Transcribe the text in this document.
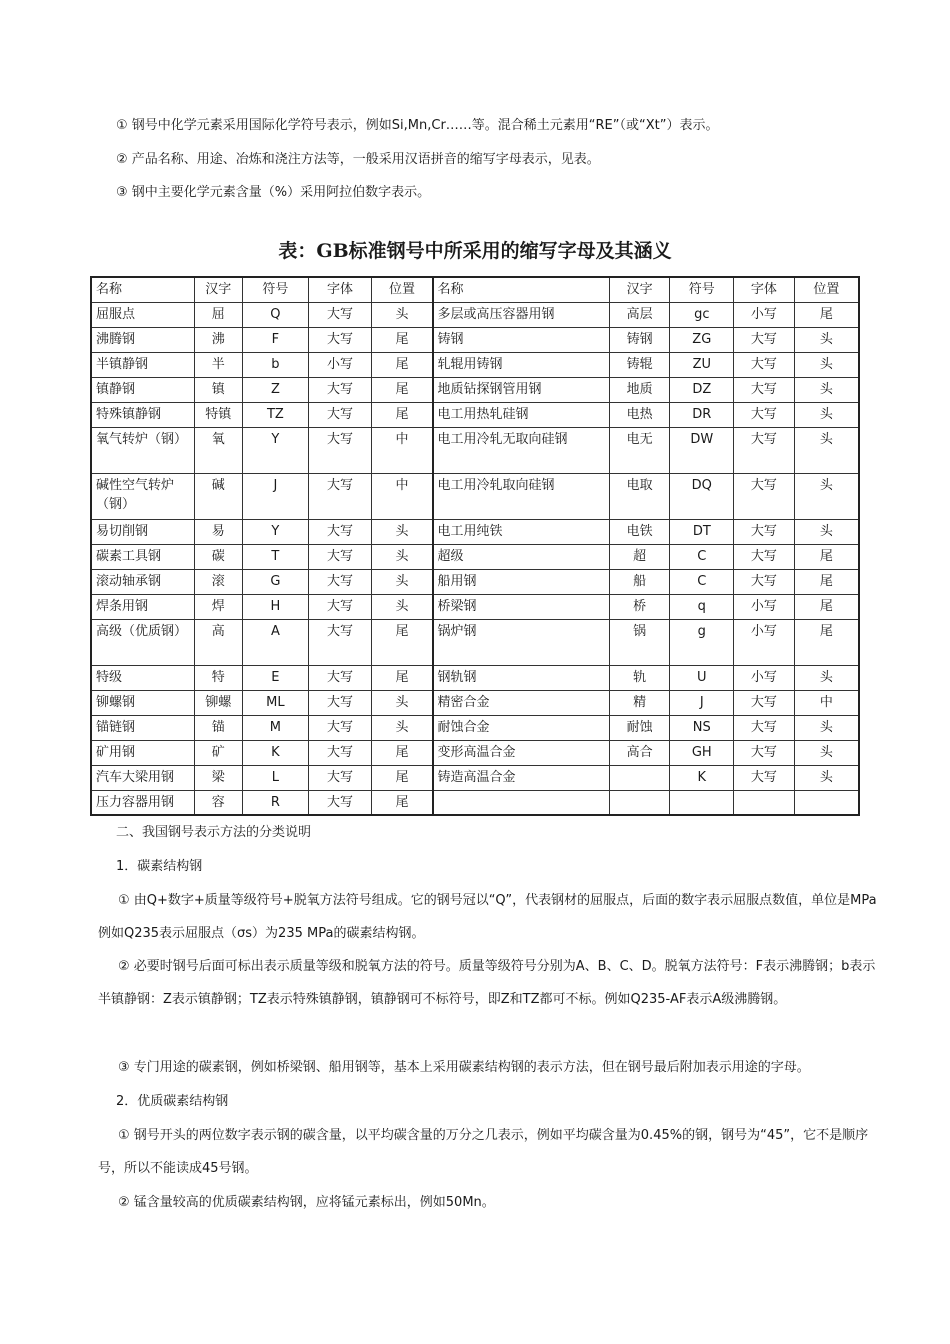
① 钢号中化学元素采用国际化学符号表示，例如Si,Mn,Cr……等。混合稀土元素用“RE”（或“Xt”）表示。

② 产品名称、用途、冶炼和浇注方法等，一般采用汉语拼音的缩写字母表示，见表。

③ 钢中主要化学元素含量（%）采用阿拉伯数字表示。

表：GB标准钢号中所采用的缩写字母及其涵义
名称	汉字	符号	字体	位置	名称	汉字	符号	字体	位置
屈服点	屈	Q	大写	头	多层或高压容器用钢	高层	gc	小写	尾
沸腾钢	沸	F	大写	尾	铸钢	铸钢	ZG	大写	头
半镇静钢	半	b	小写	尾	轧辊用铸钢	铸辊	ZU	大写	头
镇静钢	镇	Z	大写	尾	地质钻探钢管用钢	地质	DZ	大写	头
特殊镇静钢	特镇	TZ	大写	尾	电工用热轧硅钢	电热	DR	大写	头
氧气转炉（钢）	氧	Y	大写	中	电工用冷轧无取向硅钢	电无	DW	大写	头
碱性空气转炉（钢）	碱	J	大写	中	电工用冷轧取向硅钢	电取	DQ	大写	头
易切削钢	易	Y	大写	头	电工用纯铁	电铁	DT	大写	头
碳素工具钢	碳	T	大写	头	超级	超	C	大写	尾
滚动轴承钢	滚	G	大写	头	船用钢	船	C	大写	尾
焊条用钢	焊	H	大写	头	桥梁钢	桥	q	小写	尾
高级（优质钢）	高	A	大写	尾	锅炉钢	锅	g	小写	尾
特级	特	E	大写	尾	钢轨钢	轨	U	小写	头
铆螺钢	铆螺	ML	大写	头	精密合金	精	J	大写	中
锚链钢	锚	M	大写	头	耐蚀合金	耐蚀	NS	大写	头
矿用钢	矿	K	大写	尾	变形高温合金	高合	GH	大写	头
汽车大梁用钢	梁	L	大写	尾	铸造高温合金		K	大写	头
压力容器用钢	容	R	大写	尾					

二、我国钢号表示方法的分类说明

1．碳素结构钢

① 由Q+数字+质量等级符号+脱氧方法符号组成。它的钢号冠以“Q”，代表钢材的屈服点，后面的数字表示屈服点数值，单位是MPa例如Q235表示屈服点（σs）为235 MPa的碳素结构钢。

② 必要时钢号后面可标出表示质量等级和脱氧方法的符号。质量等级符号分别为A、B、C、D。脱氧方法符号：F表示沸腾钢；b表示半镇静钢：Z表示镇静钢；TZ表示特殊镇静钢，镇静钢可不标符号，即Z和TZ都可不标。例如Q235-AF表示A级沸腾钢。

③ 专门用途的碳素钢，例如桥梁钢、船用钢等，基本上采用碳素结构钢的表示方法，但在钢号最后附加表示用途的字母。

2．优质碳素结构钢

① 钢号开头的两位数字表示钢的碳含量，以平均碳含量的万分之几表示，例如平均碳含量为0.45%的钢，钢号为“45”，它不是顺序号，所以不能读成45号钢。

② 锰含量较高的优质碳素结构钢，应将锰元素标出，例如50Mn。
